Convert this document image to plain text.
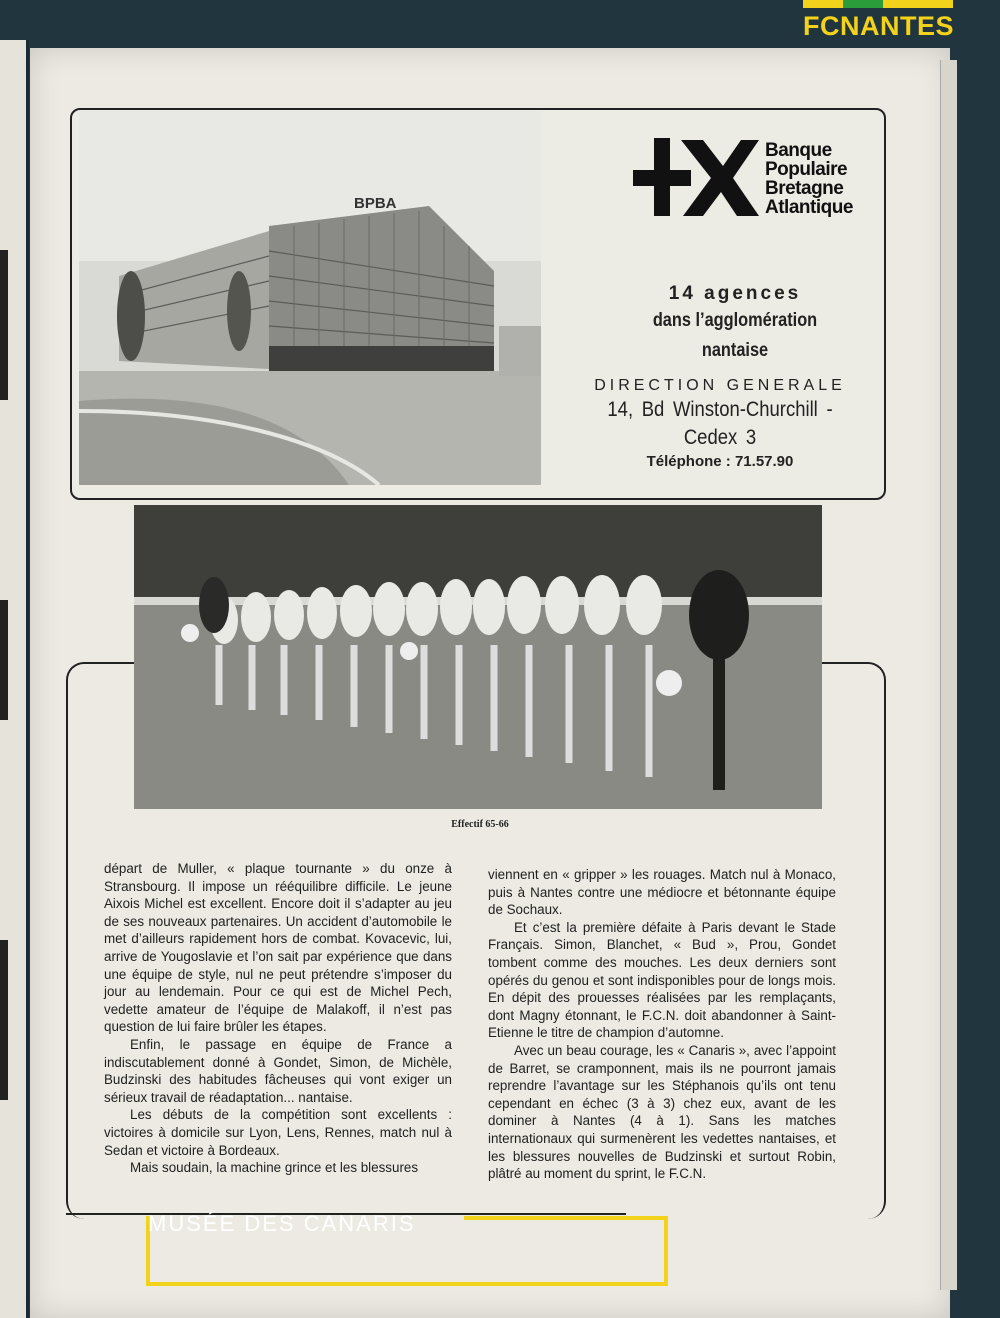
FCNANTES
BPBA
Banque
Populaire
Bretagne
Atlantique
14 agences
dans l’agglomération nantaise
DIRECTION GENERALE
14, Bd Winston-Churchill - Cedex 3
Téléphone : 71.57.90
Effectif 65-66

départ de Muller, « plaque tournante » du onze à Stransbourg. Il impose un rééquilibre difficile. Le jeune Aixois Michel est excellent. Encore doit il s’adapter au jeu de ses nouveaux partenaires. Un accident d’automobile le met d’ailleurs rapidement hors de combat. Kovacevic, lui, arrive de Yougoslavie et l’on sait par expérience que dans une équipe de style, nul ne peut prétendre s’imposer du jour au lendemain. Pour ce qui est de Michel Pech, vedette amateur de l’équipe de Malakoff, il n’est pas question de lui faire brûler les étapes.

Enfin, le passage en équipe de France a indiscutablement donné à Gondet, Simon, de Michèle, Budzinski des habitudes fâcheuses qui vont exiger un sérieux travail de réadaptation... nantaise.

Les débuts de la compétition sont excellents : victoires à domicile sur Lyon, Lens, Rennes, match nul à Sedan et victoire à Bordeaux.

Mais soudain, la machine grince et les blessures

viennent en « gripper » les rouages. Match nul à Monaco, puis à Nantes contre une médiocre et bétonnante équipe de Sochaux.

Et c’est la première défaite à Paris devant le Stade Français. Simon, Blanchet, « Bud », Prou, Gondet tombent comme des mouches. Les deux derniers sont opérés du genou et sont indisponibles pour de longs mois. En dépit des prouesses réalisées par les remplaçants, dont Magny étonnant, le F.C.N. doit abandonner à Saint-Etienne le titre de champion d’automne.

Avec un beau courage, les « Canaris », avec l’appoint de Barret, se cramponnent, mais ils ne pourront jamais reprendre l’avantage sur les Stéphanois qu’ils ont tenu cependant en échec (3 à 3) chez eux, avant de les dominer à Nantes (4 à 1). Sans les matches internationaux qui surmenèrent les vedettes nantaises, et les blessures nouvelles de Budzinski et surtout Robin, plâtré au moment du sprint, le F.C.N.

MUSÉE DES CANARIS
